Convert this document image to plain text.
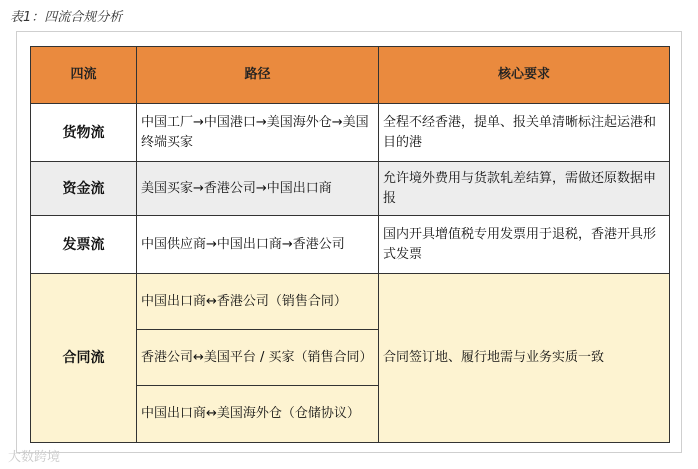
表1：四流合规分析
四流	路径	核心要求
货物流	中国工厂→中国港口→美国海外仓→美国终端买家	全程不经香港，提单、报关单清晰标注起运港和目的港
资金流	美国买家→香港公司→中国出口商	允许境外费用与货款轧差结算，需做还原数据申报
发票流	中国供应商→中国出口商→香港公司	国内开具增值税专用发票用于退税，香港开具形式发票
合同流	中国出口商↔香港公司（销售合同）	合同签订地、履行地需与业务实质一致
	香港公司↔美国平台 / 买家（销售合同）	
	中国出口商↔美国海外仓（仓储协议）	
大数跨境
